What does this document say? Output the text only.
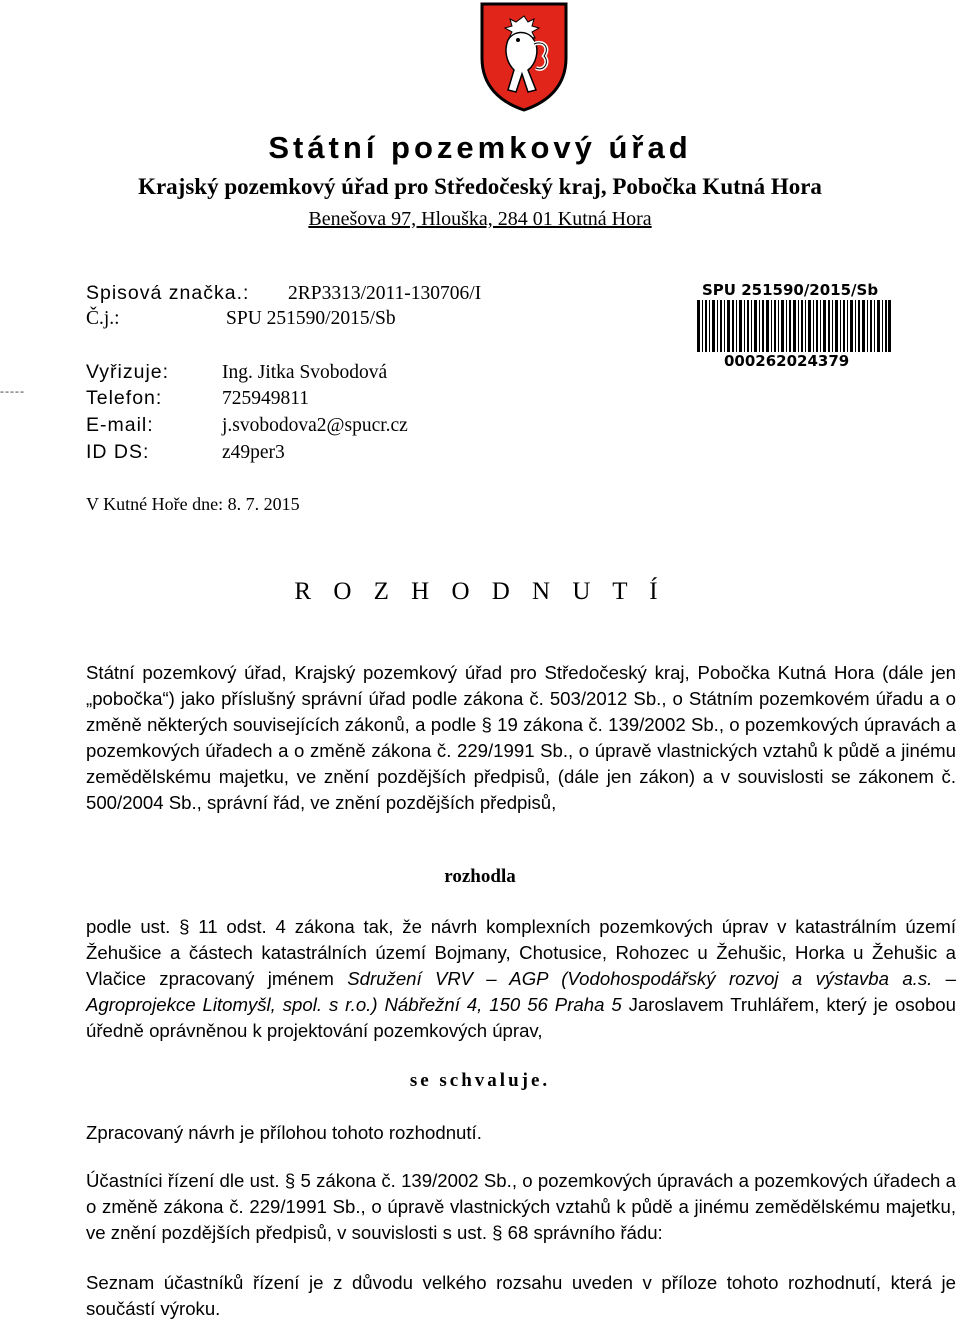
Státní pozemkový úřad
Krajský pozemkový úřad pro Středočeský kraj, Pobočka Kutná Hora
Benešova 97, Hlouška, 284 01 Kutná Hora
Spisová značka.: 2RP3313/2011-130706/I
Č.j.:	SPU 251590/2015/Sb
Vyřizuje:	Ing. Jitka Svobodová
Telefon:	725949811
E-mail:	j.svobodova2@spucr.cz
ID DS:	z49per3
-----
SPU 251590/2015/Sb
000262024379
V Kutné Hoře dne: 8. 7. 2015
R O Z H O D N U T Í
Státní pozemkový úřad, Krajský pozemkový úřad pro Středočeský kraj, Pobočka Kutná Hora (dále jen „pobočka“) jako příslušný správní úřad podle zákona č. 503/2012 Sb., o Státním pozemkovém úřadu a o změně některých souvisejících zákonů, a podle § 19 zákona č. 139/2002 Sb., o pozemkových úpravách a pozemkových úřadech a o změně zákona č. 229/1991 Sb., o úpravě vlastnických vztahů k půdě a jinému zemědělskému majetku, ve znění pozdějších předpisů, (dále jen zákon) a v souvislosti se zákonem č. 500/2004 Sb., správní řád, ve znění pozdějších předpisů,
rozhodla
podle ust. § 11 odst. 4 zákona tak, že návrh komplexních pozemkových úprav v katastrálním území Žehušice a částech katastrálních území Bojmany, Chotusice, Rohozec u Žehušic, Horka u Žehušic a Vlačice zpracovaný jménem Sdružení VRV – AGP (Vodohospodářský rozvoj a výstavba a.s. – Agroprojekce Litomyšl, spol. s r.o.) Nábřežní 4, 150 56 Praha 5 Jaroslavem Truhlářem, který je osobou úředně oprávněnou k projektování pozemkových úprav,
se schvaluje.
Zpracovaný návrh je přílohou tohoto rozhodnutí.
Účastníci řízení dle ust. § 5 zákona č. 139/2002 Sb., o pozemkových úpravách a pozemkových úřadech a o změně zákona č. 229/1991 Sb., o úpravě vlastnických vztahů k půdě a jinému zemědělskému majetku, ve znění pozdějších předpisů, v souvislosti s ust. § 68 správního řádu:
Seznam účastníků řízení je z důvodu velkého rozsahu uveden v příloze tohoto rozhodnutí, která je součástí výroku.
